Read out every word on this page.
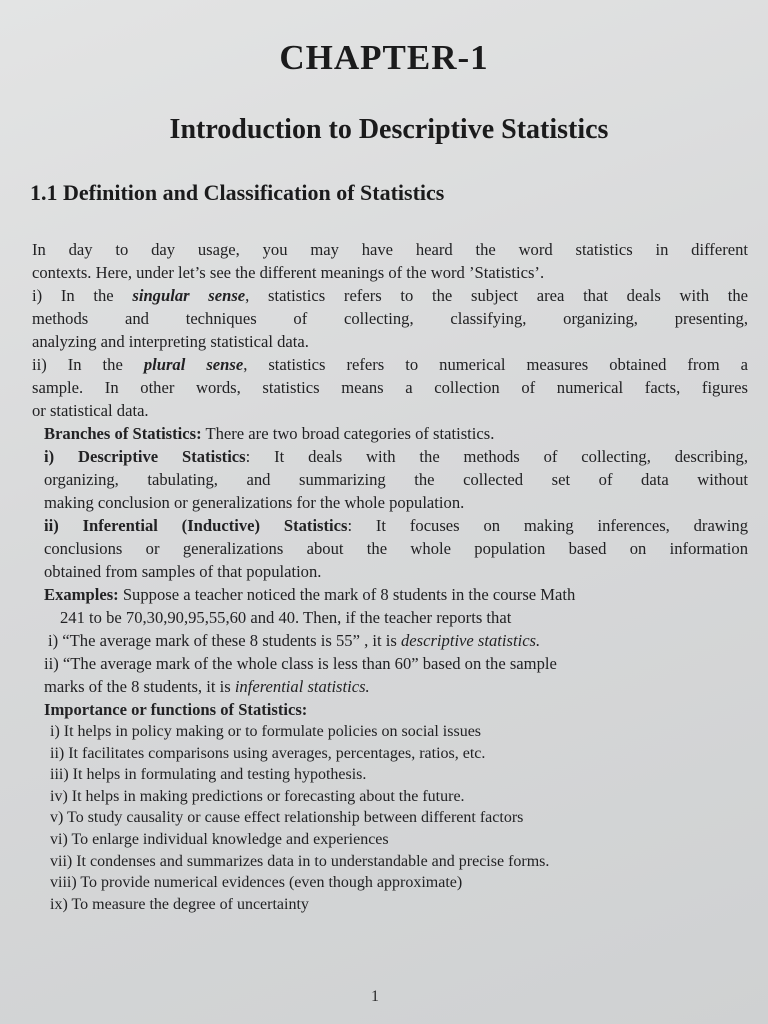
CHAPTER-1
Introduction to Descriptive Statistics
1.1 Definition and Classification of Statistics

In day to day usage, you may have heard the word statistics in different

contexts. Here, under let’s see the different meanings of the word ’Statistics’.

i) In the singular sense, statistics refers to the subject area that deals with the

methods and techniques of collecting, classifying, organizing, presenting,

analyzing and interpreting statistical data.

ii) In the plural sense, statistics refers to numerical measures obtained from a

sample. In other words, statistics means a collection of numerical facts, figures

or statistical data.

Branches of Statistics: There are two broad categories of statistics.

i) Descriptive Statistics: It deals with the methods of collecting, describing,

organizing, tabulating, and summarizing the collected set of data without

making conclusion or generalizations for the whole population.

ii) Inferential (Inductive) Statistics: It focuses on making inferences, drawing

conclusions or generalizations about the whole population based on information

obtained from samples of that population.

Examples: Suppose a teacher noticed the mark of 8 students in the course Math

241 to be 70,30,90,95,55,60 and 40. Then, if the teacher reports that

i) “The average mark of these 8 students is 55” , it is descriptive statistics.

ii) “The average mark of the whole class is less than 60” based on the sample

marks of the 8 students, it is inferential statistics.

Importance or functions of Statistics:

i) It helps in policy making or to formulate policies on social issues

ii) It facilitates comparisons using averages, percentages, ratios, etc.

iii) It helps in formulating and testing hypothesis.

iv) It helps in making predictions or forecasting about the future.

v) To study causality or cause effect relationship between different factors

vi) To enlarge individual knowledge and experiences

vii) It condenses and summarizes data in to understandable and precise forms.

viii) To provide numerical evidences (even though approximate)

ix) To measure the degree of uncertainty

1
